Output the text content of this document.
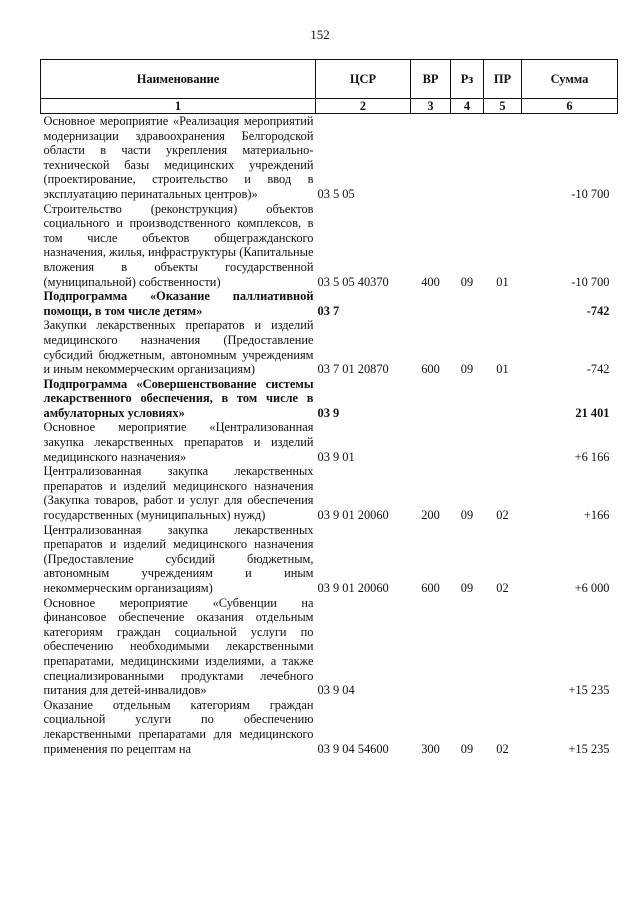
152
Наименование	ЦСР	ВР	Рз	ПР	Сумма
1	2	3	4	5	6
Основное мероприятие «Реализация мероприятий модернизации здравоохранения Белгородской области в части укрепления материально-технической базы медицинских учреждений (проектирование, строительство и ввод в эксплуатацию перинатальных центров)»	03 5 05				-10 700
Строительство (реконструкция) объектов социального и производственного комплексов, в том числе объектов общегражданского назначения, жилья, инфраструктуры (Капитальные вложения в объекты государственной (муниципальной) собственности)	03 5 05 40370	400	09	01	-10 700
Подпрограмма «Оказание паллиативной помощи, в том числе детям»	03 7				-742
Закупки лекарственных препаратов и изделий медицинского назначения (Предоставление субсидий бюджетным, автономным учреждениям и иным некоммерческим организациям)	03 7 01 20870	600	09	01	-742
Подпрограмма «Совершенствование системы лекарственного обеспечения, в том числе в амбулаторных условиях»	03 9				21 401
Основное мероприятие «Централизованная закупка лекарственных препаратов и изделий медицинского назначения»	03 9 01				+6 166
Централизованная закупка лекарственных препаратов и изделий медицинского назначения (Закупка товаров, работ и услуг для обеспечения государственных (муниципальных) нужд)	03 9 01 20060	200	09	02	+166
Централизованная закупка лекарственных препаратов и изделий медицинского назначения (Предоставление субсидий бюджетным, автономным учреждениям и иным некоммерческим организациям)	03 9 01 20060	600	09	02	+6 000
Основное мероприятие «Субвенции на финансовое обеспечение оказания отдельным категориям граждан социальной услуги по обеспечению необходимыми лекарственными препаратами, медицинскими изделиями, а также специализированными продуктами лечебного питания для детей-инвалидов»	03 9 04				+15 235
Оказание отдельным категориям граждан социальной услуги по обеспечению лекарственными препаратами для медицинского применения по рецептам на	03 9 04 54600	300	09	02	+15 235
